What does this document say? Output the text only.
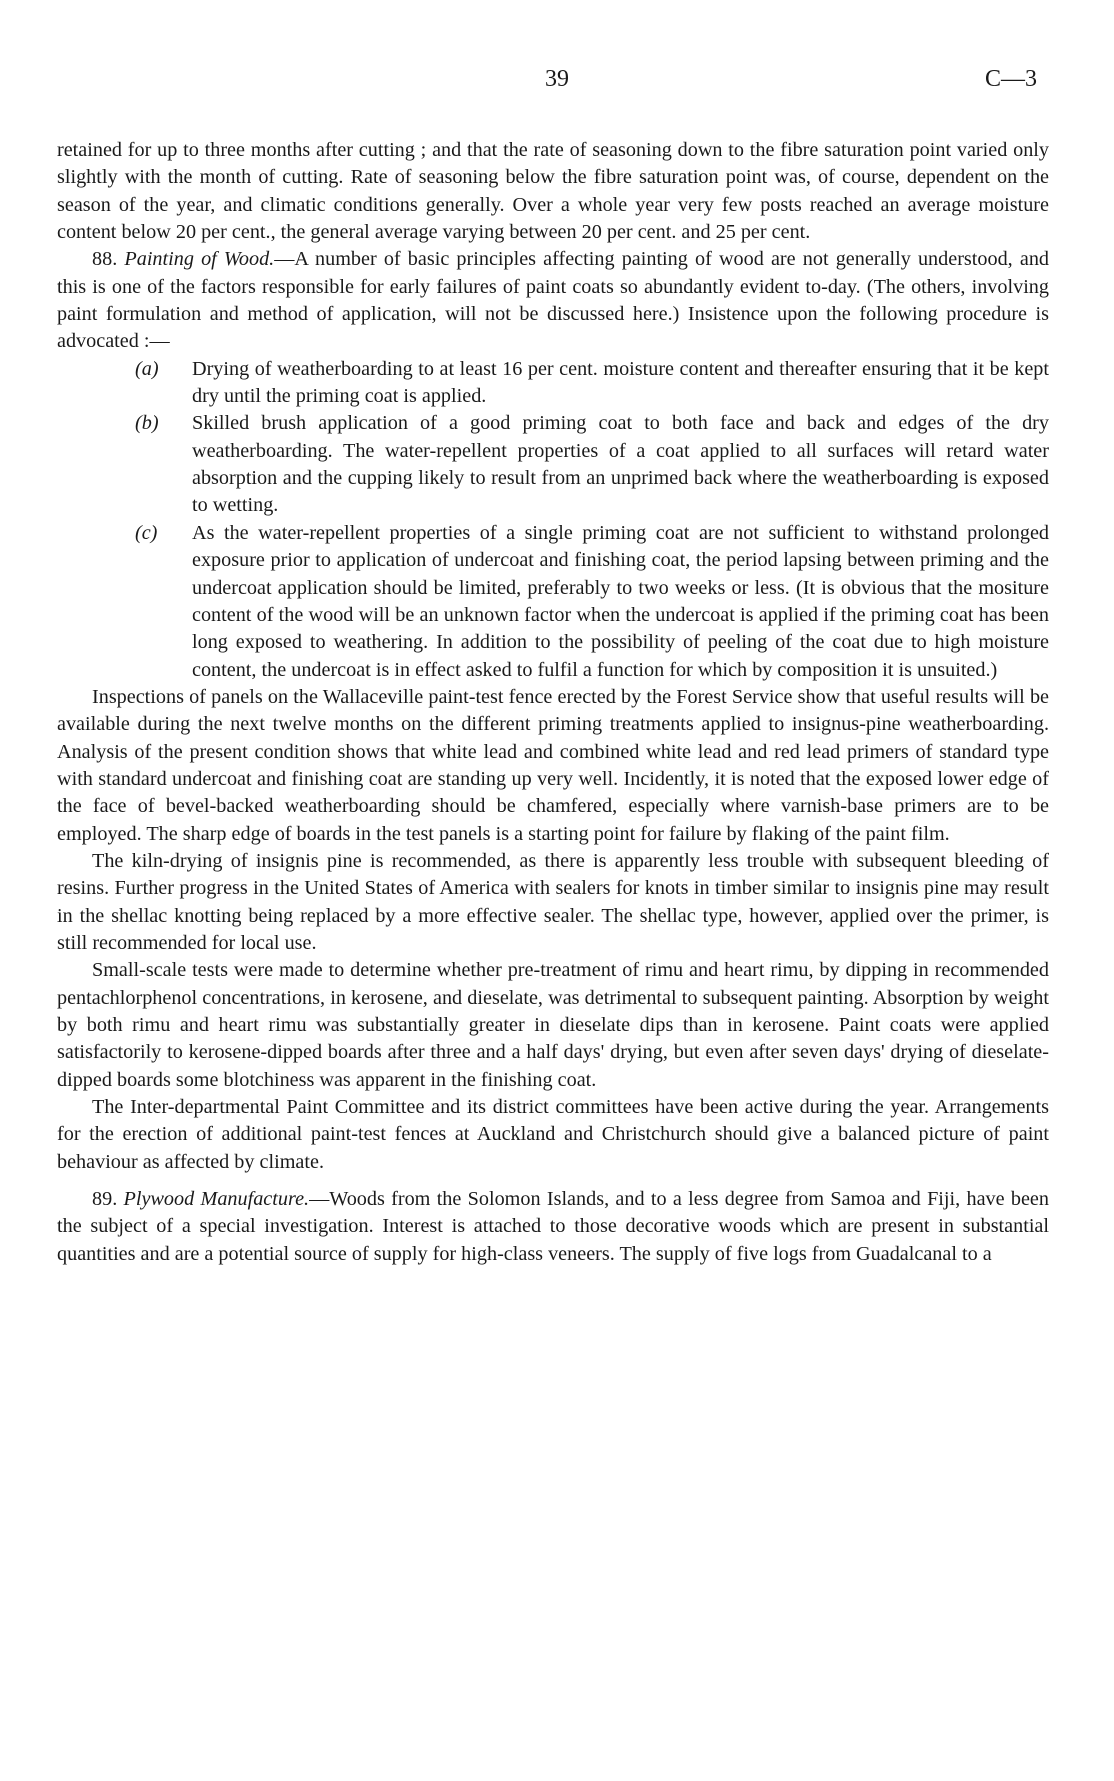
39	C—3

retained for up to three months after cutting ; and that the rate of seasoning down to the fibre saturation point varied only slightly with the month of cutting. Rate of seasoning below the fibre saturation point was, of course, dependent on the season of the year, and climatic conditions generally. Over a whole year very few posts reached an average moisture content below 20 per cent., the general average varying between 20 per cent. and 25 per cent.

88. Painting of Wood.—A number of basic principles affecting painting of wood are not generally understood, and this is one of the factors responsible for early failures of paint coats so abundantly evident to-day. (The others, involving paint formulation and method of application, will not be discussed here.) Insistence upon the following procedure is advocated :—

(a) Drying of weatherboarding to at least 16 per cent. moisture content and thereafter ensuring that it be kept dry until the priming coat is applied.

(b) Skilled brush application of a good priming coat to both face and back and edges of the dry weatherboarding. The water-repellent properties of a coat applied to all surfaces will retard water absorption and the cupping likely to result from an unprimed back where the weatherboarding is exposed to wetting.

(c) As the water-repellent properties of a single priming coat are not sufficient to withstand prolonged exposure prior to application of undercoat and finishing coat, the period lapsing between priming and the undercoat application should be limited, preferably to two weeks or less. (It is obvious that the mositure content of the wood will be an unknown factor when the undercoat is applied if the priming coat has been long exposed to weathering. In addition to the possibility of peeling of the coat due to high moisture content, the undercoat is in effect asked to fulfil a function for which by composition it is unsuited.)

Inspections of panels on the Wallaceville paint-test fence erected by the Forest Service show that useful results will be available during the next twelve months on the different priming treatments applied to insignus-pine weatherboarding. Analysis of the present condition shows that white lead and combined white lead and red lead primers of standard type with standard undercoat and finishing coat are standing up very well. Incidently, it is noted that the exposed lower edge of the face of bevel-backed weatherboarding should be chamfered, especially where varnish-base primers are to be employed. The sharp edge of boards in the test panels is a starting point for failure by flaking of the paint film.

The kiln-drying of insignis pine is recommended, as there is apparently less trouble with subsequent bleeding of resins. Further progress in the United States of America with sealers for knots in timber similar to insignis pine may result in the shellac knotting being replaced by a more effective sealer. The shellac type, however, applied over the primer, is still recommended for local use.

Small-scale tests were made to determine whether pre-treatment of rimu and heart rimu, by dipping in recommended pentachlorphenol concentrations, in kerosene, and dieselate, was detrimental to subsequent painting. Absorption by weight by both rimu and heart rimu was substantially greater in dieselate dips than in kerosene. Paint coats were applied satisfactorily to kerosene-dipped boards after three and a half days' drying, but even after seven days' drying of dieselate-dipped boards some blotchiness was apparent in the finishing coat.

The Inter-departmental Paint Committee and its district committees have been active during the year. Arrangements for the erection of additional paint-test fences at Auckland and Christchurch should give a balanced picture of paint behaviour as affected by climate.

89. Plywood Manufacture.—Woods from the Solomon Islands, and to a less degree from Samoa and Fiji, have been the subject of a special investigation. Interest is attached to those decorative woods which are present in substantial quantities and are a potential source of supply for high-class veneers. The supply of five logs from Guadalcanal to a
